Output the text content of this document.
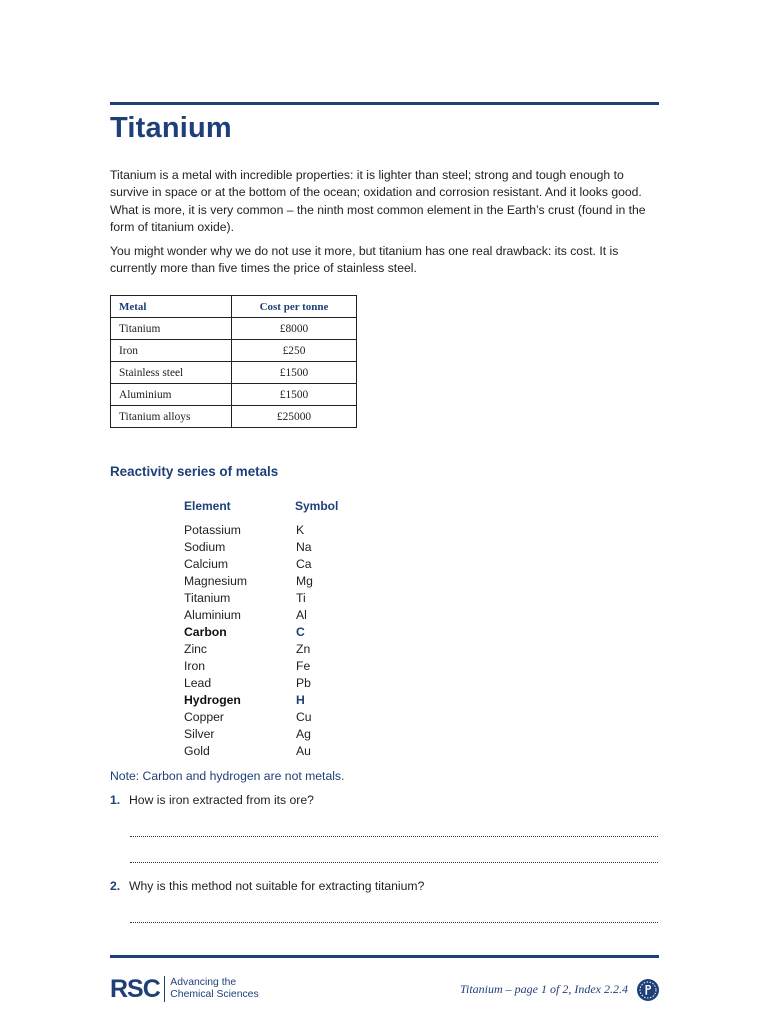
Titanium

Titanium is a metal with incredible properties: it is lighter than steel; strong and tough enough to survive in space or at the bottom of the ocean; oxidation and corrosion resistant. And it looks good. What is more, it is very common – the ninth most common element in the Earth’s crust (found in the form of titanium oxide).

You might wonder why we do not use it more, but titanium has one real drawback: its cost. It is currently more than five times the price of stainless steel.

Metal	Cost per tonne
Titanium	£8000
Iron	£250
Stainless steel	£1500
Aluminium	£1500
Titanium alloys	£25000
Reactivity series of metals
Element	Symbol
Potassium	K
Sodium	Na
Calcium	Ca
Magnesium	Mg
Titanium	Ti
Aluminium	Al
Carbon	C
Zinc	Zn
Iron	Fe
Lead	Pb
Hydrogen	H
Copper	Cu
Silver	Ag
Gold	Au

Note: Carbon and hydrogen are not metals.

1. How is iron extracted from its ore?
2. Why is this method not suitable for extracting titanium?
RSC Advancing the
Chemical Sciences	Titanium – page 1 of 2, Index 2.2.4
